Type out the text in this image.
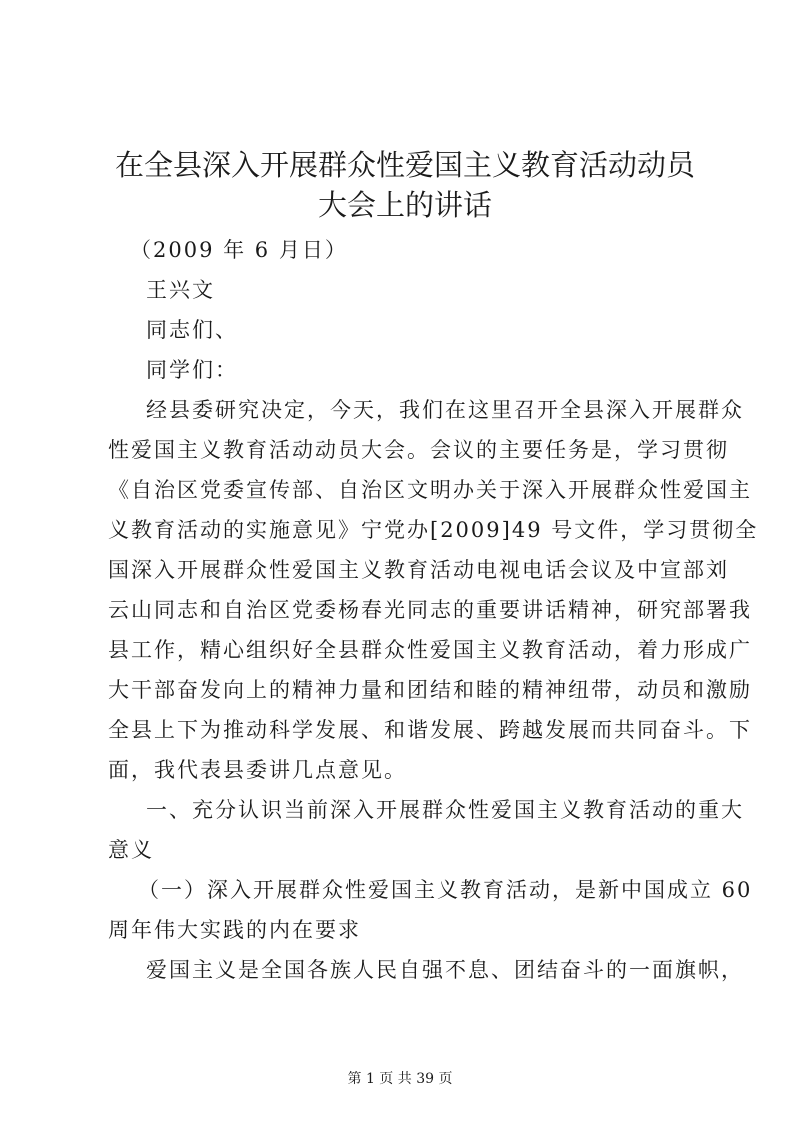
在全县深入开展群众性爱国主义教育活动动员
大会上的讲话
（2009 年 6 月日）
王兴文
同志们、
同学们：
经县委研究决定，今天，我们在这里召开全县深入开展群众
性爱国主义教育活动动员大会。会议的主要任务是，学习贯彻
《自治区党委宣传部、自治区文明办关于深入开展群众性爱国主
义教育活动的实施意见》宁党办[2009]49 号文件，学习贯彻全
国深入开展群众性爱国主义教育活动电视电话会议及中宣部刘
云山同志和自治区党委杨春光同志的重要讲话精神，研究部署我
县工作，精心组织好全县群众性爱国主义教育活动，着力形成广
大干部奋发向上的精神力量和团结和睦的精神纽带，动员和激励
全县上下为推动科学发展、和谐发展、跨越发展而共同奋斗。下
面，我代表县委讲几点意见。
一、充分认识当前深入开展群众性爱国主义教育活动的重大
意义
（一）深入开展群众性爱国主义教育活动，是新中国成立 60
周年伟大实践的内在要求
爱国主义是全国各族人民自强不息、团结奋斗的一面旗帜，
第 1 页 共 39 页
